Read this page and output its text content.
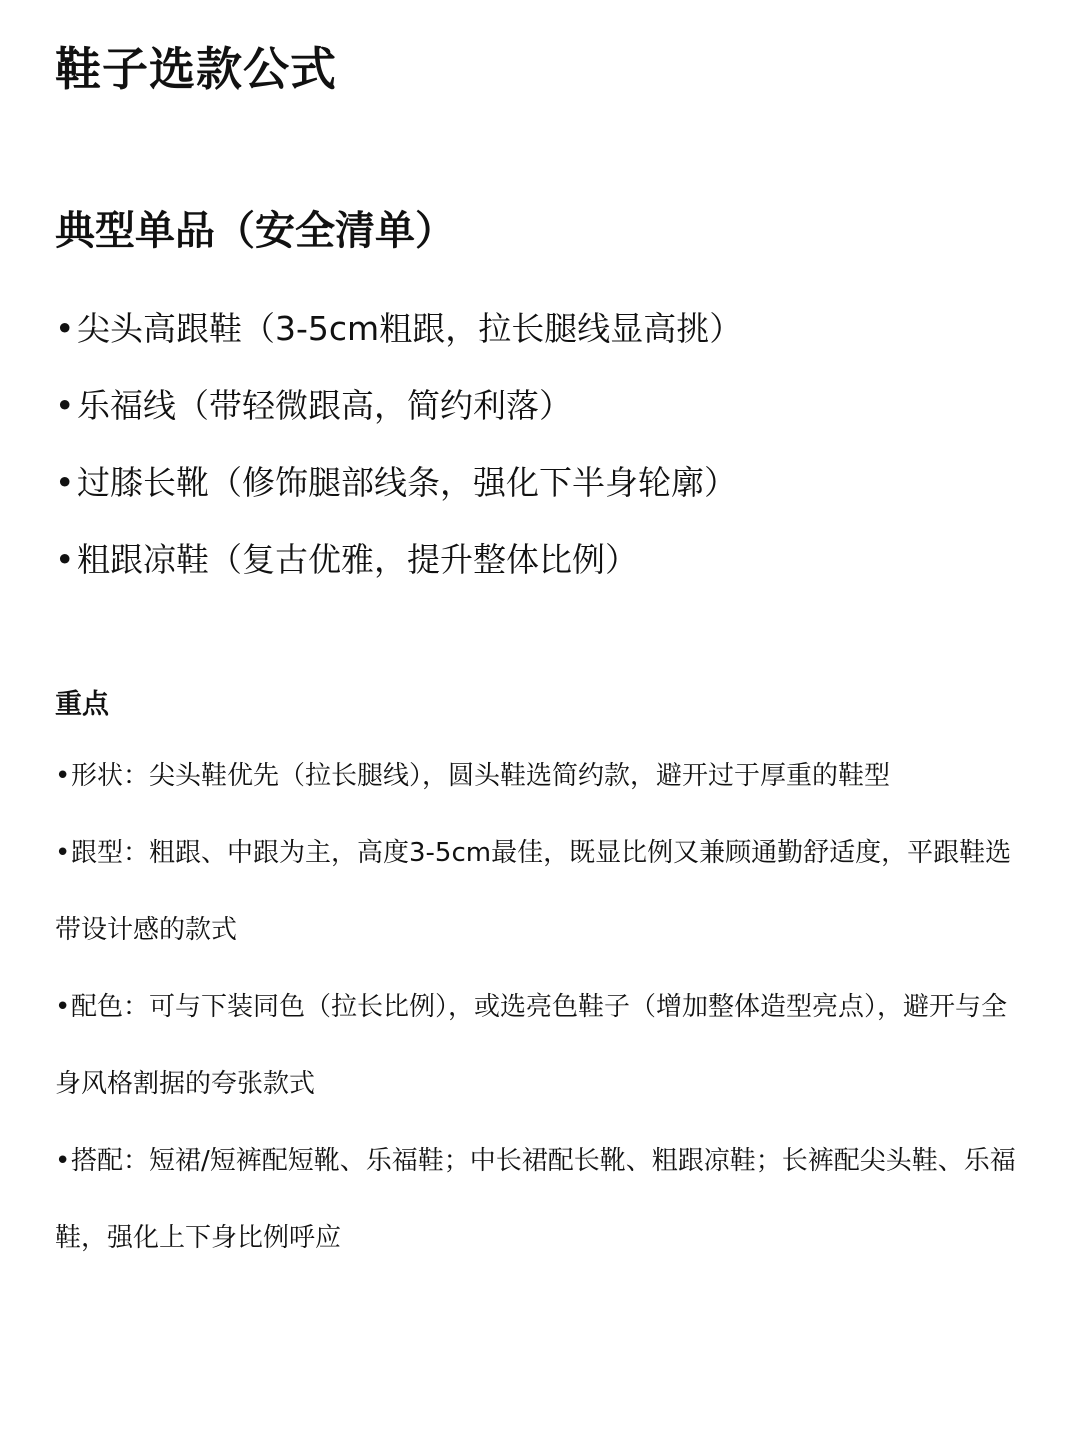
鞋子选款公式
典型单品（安全清单）
•尖头高跟鞋（3-5cm粗跟，拉长腿线显高挑）
•乐福线（带轻微跟高，简约利落）
•过膝长靴（修饰腿部线条，强化下半身轮廓）
•粗跟凉鞋（复古优雅，提升整体比例）
重点
•形状：尖头鞋优先（拉长腿线），圆头鞋选简约款，避开过于厚重的鞋型
•跟型：粗跟、中跟为主，高度3-5cm最佳，既显比例又兼顾通勤舒适度，平跟鞋选带设计感的款式
•配色：可与下装同色（拉长比例），或选亮色鞋子（增加整体造型亮点），避开与全身风格割据的夸张款式
•搭配：短裙/短裤配短靴、乐福鞋；中长裙配长靴、粗跟凉鞋；长裤配尖头鞋、乐福鞋，强化上下身比例呼应
